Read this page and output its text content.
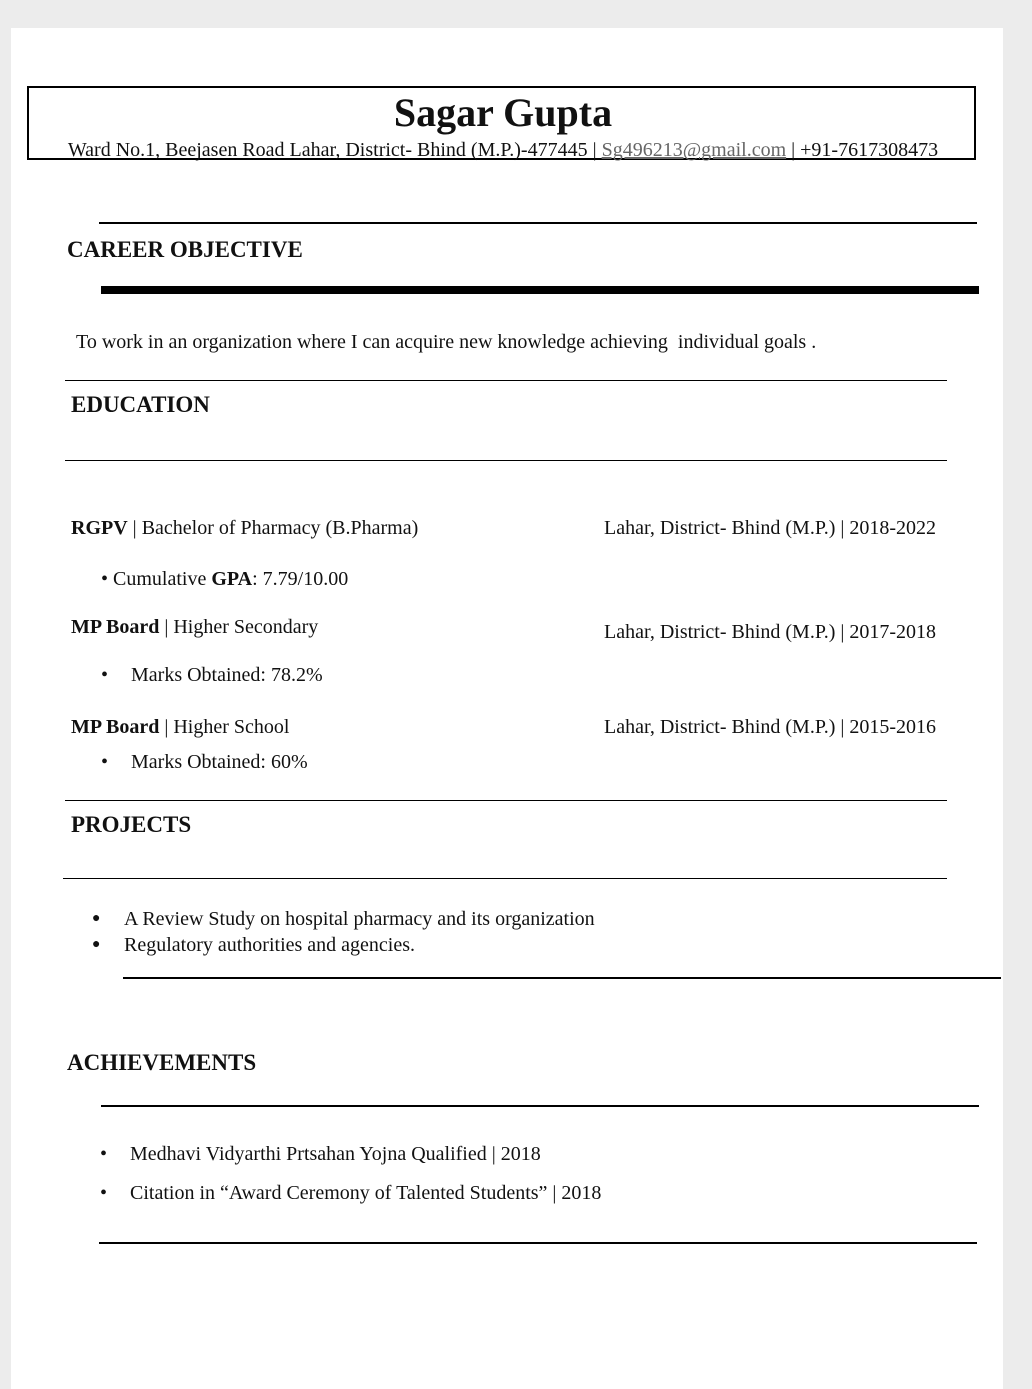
Sagar Gupta
Ward No.1, Beejasen Road Lahar, District- Bhind (M.P.)-477445 | Sg496213@gmail.com | +91-7617308473
CAREER OBJECTIVE
To work in an organization where I can acquire new knowledge achieving  individual goals .
EDUCATION
RGPV | Bachelor of Pharmacy (B.Pharma)	Lahar, District- Bhind (M.P.) | 2018-2022
• Cumulative GPA: 7.79/10.00
MP Board | Higher Secondary	Lahar, District- Bhind (M.P.) | 2017-2018
• Marks Obtained: 78.2%
MP Board | Higher School	Lahar, District- Bhind (M.P.) | 2015-2016
• Marks Obtained: 60%
PROJECTS
● A Review Study on hospital pharmacy and its organization
● Regulatory authorities and agencies.
ACHIEVEMENTS
• Medhavi Vidyarthi Prtsahan Yojna Qualified | 2018
• Citation in “Award Ceremony of Talented Students” | 2018
